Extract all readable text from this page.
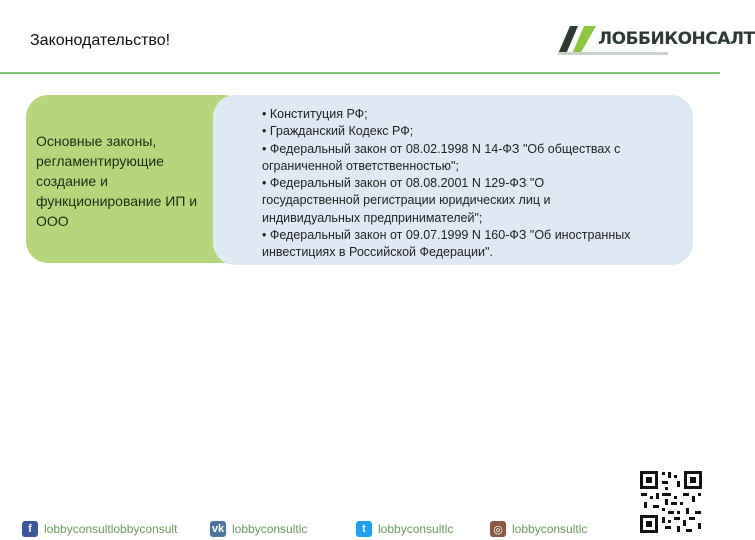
Законодательство!	ЛОББИКОНСАЛТ
Основные законы, регламентирующие создание и функционирование ИП и ООО
• Конституция РФ;
• Гражданский Кодекс РФ;
• Федеральный закон от 08.02.1998 N 14-ФЗ "Об обществах с
ограниченной ответственностью";
• Федеральный закон от 08.08.2001 N 129-ФЗ "О
государственной регистрации юридических лиц и
индивидуальных предпринимателей";
• Федеральный закон от 09.07.1999 N 160-ФЗ "Об иностранных
инвестициях в Российской Федерации".
f	lobbyconsultlobbyconsult	vk lobbyconsultlc	t	lobbyconsultlc	◎ lobbyconsultlc
